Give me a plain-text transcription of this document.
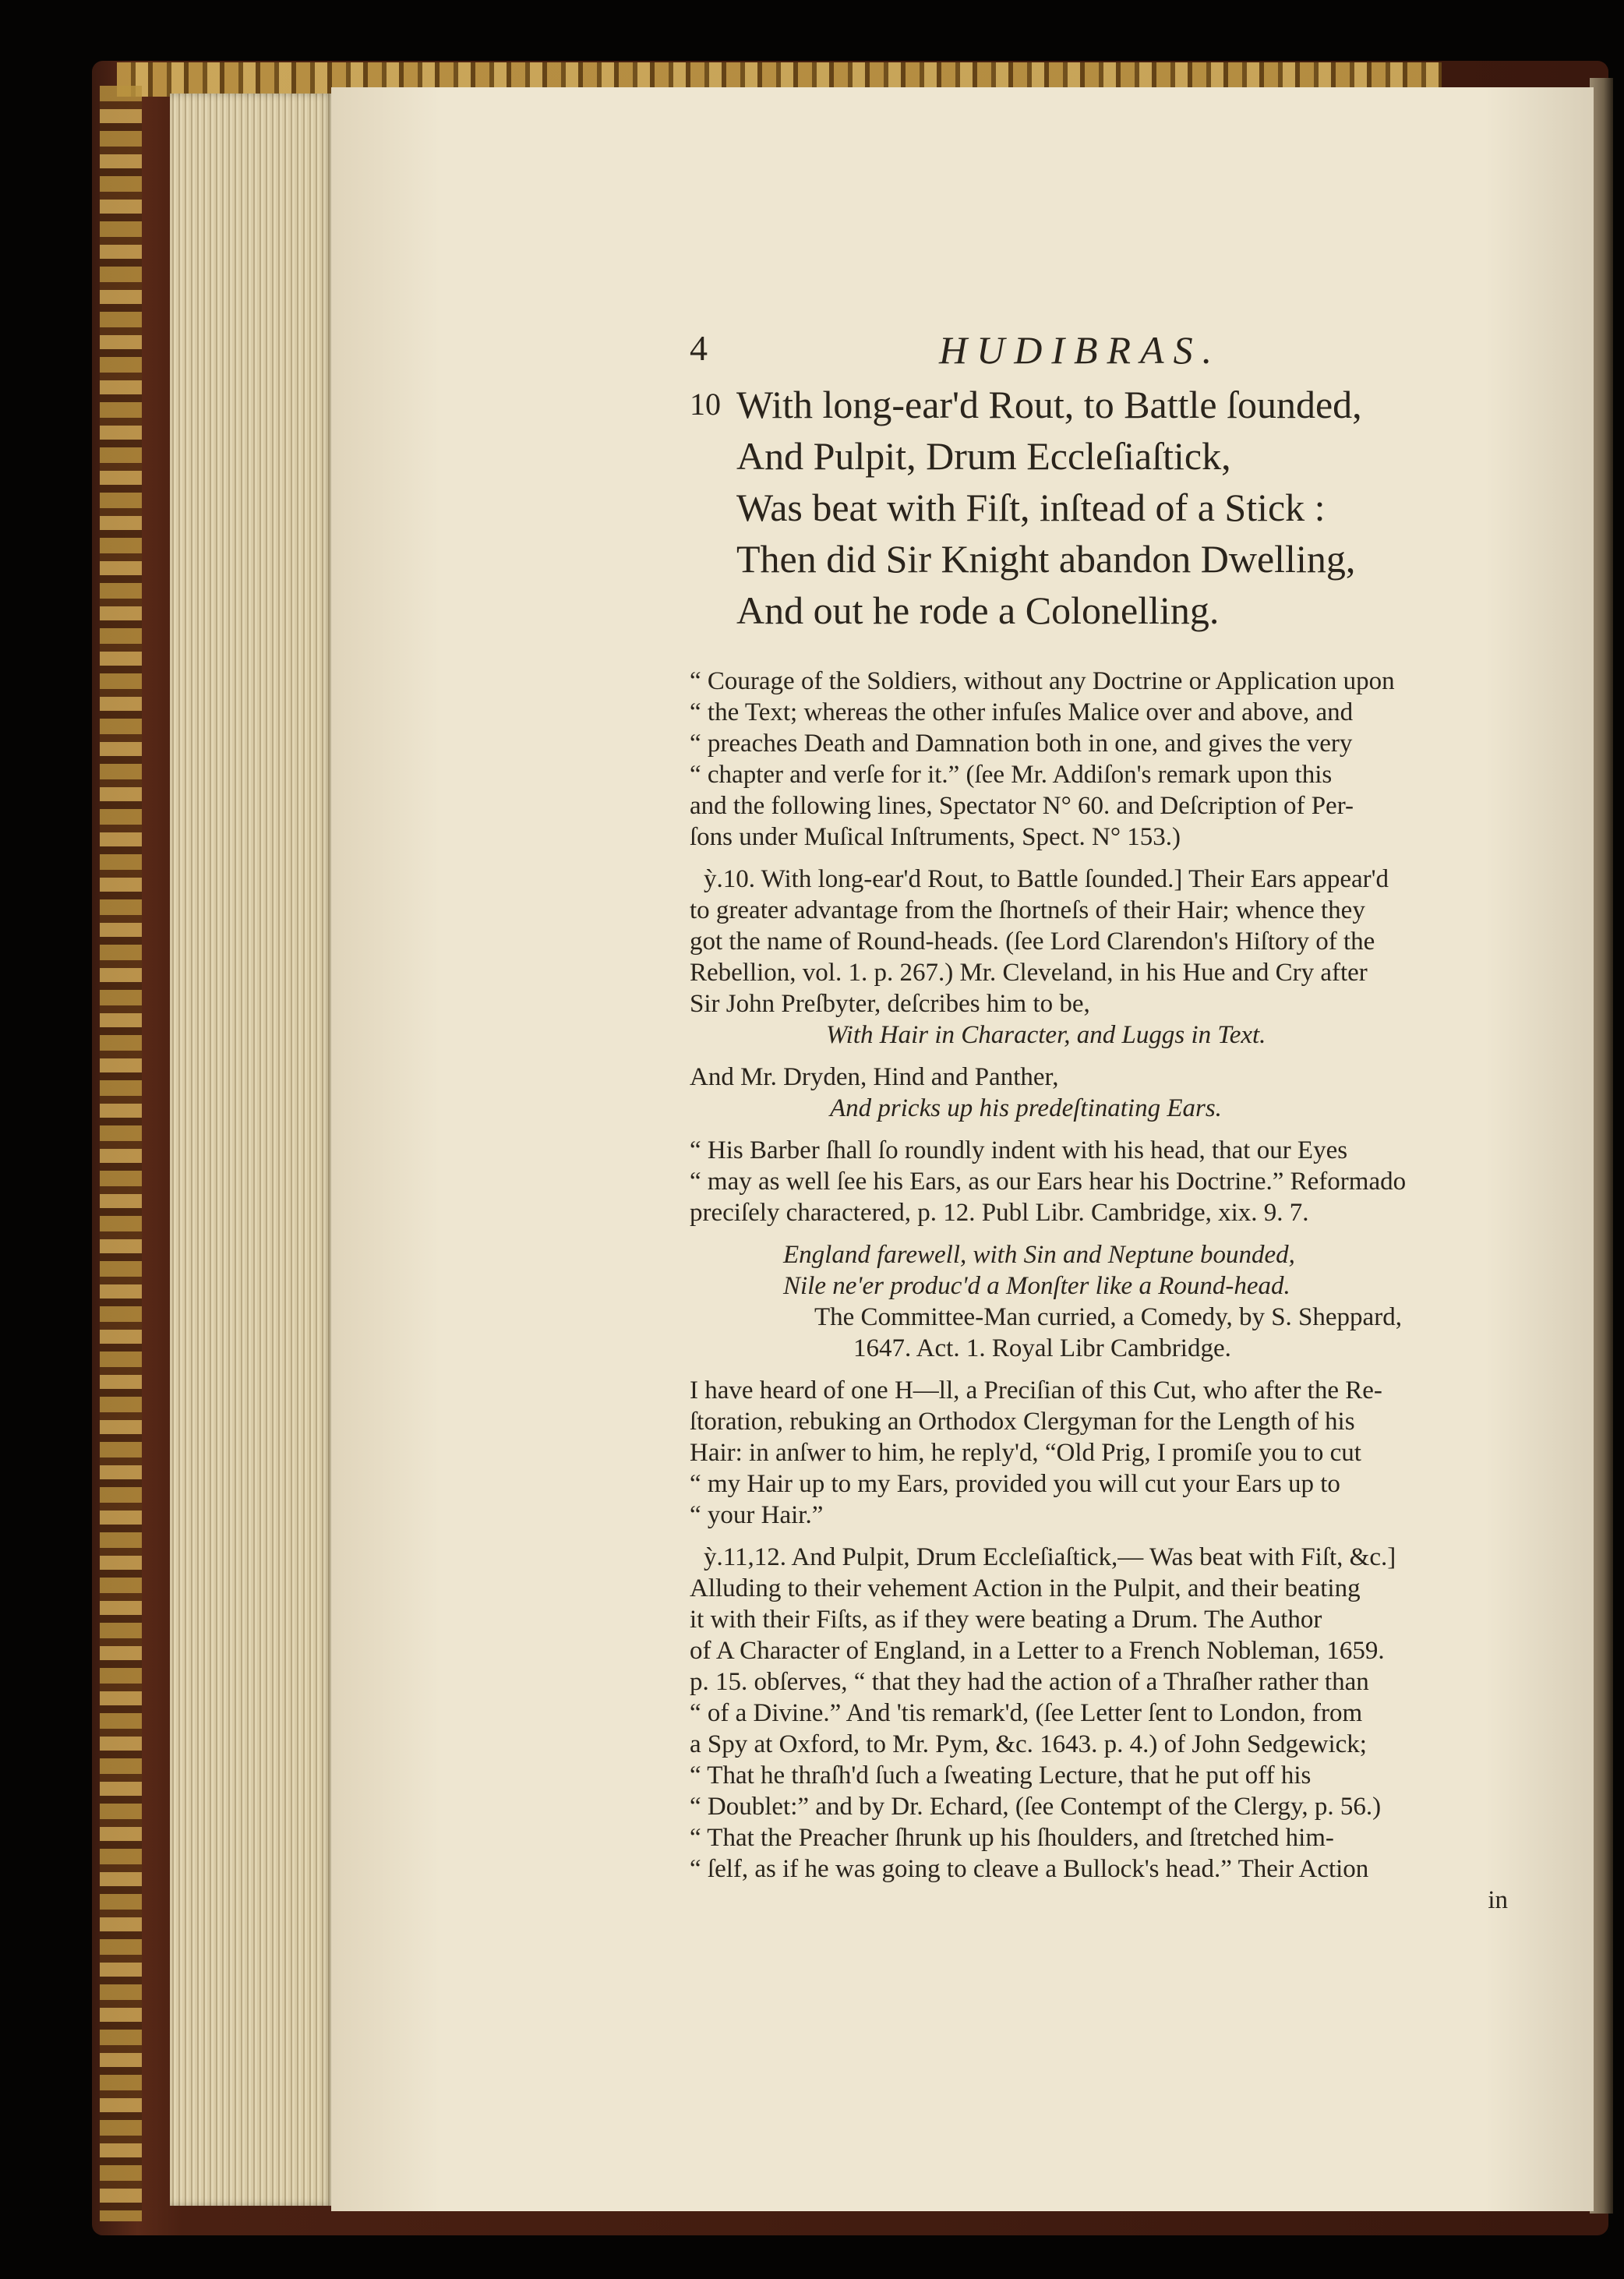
4	HUDIBRAS.
10 With long-ear'd Rout, to Battle ſounded,
And Pulpit, Drum Eccleſiaſtick,
Was beat with Fiſt, inſtead of a Stick :
Then did Sir Knight abandon Dwelling,
And out he rode a Colonelling.

“ Courage of the Soldiers, without any Doctrine or Application upon

“ the Text; whereas the other infuſes Malice over and above, and

“ preaches Death and Damnation both in one, and gives the very

“ chapter and verſe for it.” (ſee Mr. Addiſon's remark upon this

and the following lines, Spectator N° 60. and Deſcription of Per-

ſons under Muſical Inſtruments, Spect. N° 153.)

ỳ.10. With long-ear'd Rout, to Battle ſounded.] Their Ears appear'd

to greater advantage from the ſhortneſs of their Hair; whence they

got the name of Round-heads. (ſee Lord Clarendon's Hiſtory of the

Rebellion, vol. 1. p. 267.) Mr. Cleveland, in his Hue and Cry after

Sir John Preſbyter, deſcribes him to be,

With Hair in Character, and Luggs in Text.

And Mr. Dryden, Hind and Panther,

And pricks up his predeſtinating Ears.

“ His Barber ſhall ſo roundly indent with his head, that our Eyes

“ may as well ſee his Ears, as our Ears hear his Doctrine.” Reformado

preciſely charactered, p. 12. Publ Libr. Cambridge, xix. 9. 7.

England farewell, with Sin and Neptune bounded,

Nile ne'er produc'd a Monſter like a Round-head.

The Committee-Man curried, a Comedy, by S. Sheppard,

1647. Act. 1. Royal Libr Cambridge.

I have heard of one H—ll, a Preciſian of this Cut, who after the Re-

ſtoration, rebuking an Orthodox Clergyman for the Length of his

Hair: in anſwer to him, he reply'd, “Old Prig, I promiſe you to cut

“ my Hair up to my Ears, provided you will cut your Ears up to

“ your Hair.”

ỳ.11,12. And Pulpit, Drum Eccleſiaſtick,— Was beat with Fiſt, &c.]

Alluding to their vehement Action in the Pulpit, and their beating

it with their Fiſts, as if they were beating a Drum. The Author

of A Character of England, in a Letter to a French Nobleman, 1659.

p. 15. obſerves, “ that they had the action of a Thraſher rather than

“ of a Divine.” And 'tis remark'd, (ſee Letter ſent to London, from

a Spy at Oxford, to Mr. Pym, &c. 1643. p. 4.) of John Sedgewick;

“ That he thraſh'd ſuch a ſweating Lecture, that he put off his

“ Doublet:” and by Dr. Echard, (ſee Contempt of the Clergy, p. 56.)

“ That the Preacher ſhrunk up his ſhoulders, and ſtretched him-

“ ſelf, as if he was going to cleave a Bullock's head.” Their Action

in
